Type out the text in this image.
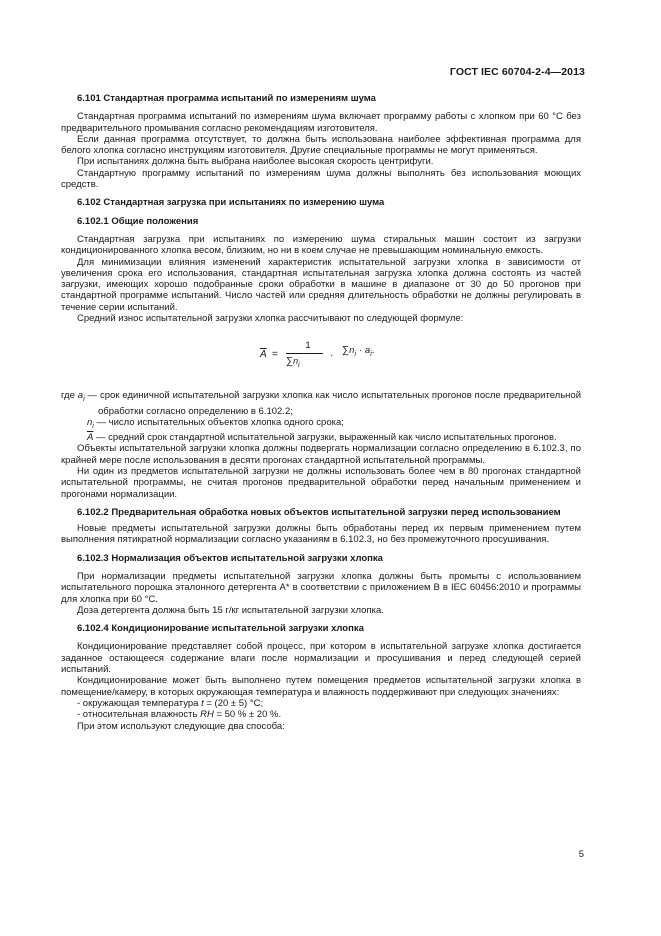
ГОСТ IEC 60704-2-4—2013
6.101 Стандартная программа испытаний по измерениям шума

Стандартная программа испытаний по измерениям шума включает программу работы с хлопком при 60 °С без предварительного промывания согласно рекомендациям изготовителя.

Если данная программа отсутствует, то должна быть использована наиболее эффективная программа для белого хлопка согласно инструкциям изготовителя. Другие специальные программы не могут применяться.

При испытаниях должна быть выбрана наиболее высокая скорость центрифуги.

Стандартную программу испытаний по измерениям шума должны выполнять без использования моющих средств.

6.102 Стандартная загрузка при испытаниях по измерению шума
6.102.1 Общие положения

Стандартная загрузка при испытаниях по измерению шума стиральных машин состоит из загрузки кондиционированного хлопка весом, близким, но ни в коем случае не превышающим номинальную емкость.

Для минимизации влияния изменений характеристик испытательной загрузки хлопка в зависимости от увеличения срока его использования, стандартная испытательная загрузка хлопка должна состоять из частей загрузки, имеющих хорошо подобранные сроки обработки в машине в диапазоне от 30 до 50 прогонов при стандартной программе испытаний. Число частей или средняя длительность обработки не должны регулировать в течение серии испытаний.

Средний износ испытательной загрузки хлопка рассчитывают по следующей формуле:

$\overline{A}$ =
1
$\sum n_i$
· $\sum n_i \cdot a_i$.
где $a_i$ — срок единичной испытательной загрузки хлопка как число испытательных прогонов после предварительной обработки согласно определению в 6.102.2;
$n_i$ — число испытательных объектов хлопка одного срока;
$\overline{A}$ — средний срок стандартной испытательной загрузки, выраженный как число испытательных прогонов.

Объекты испытательной загрузки хлопка должны подвергать нормализации согласно определению в 6.102.3, по крайней мере после использования в десяти прогонах стандартной испытательной программы.

Ни один из предметов испытательной загрузки не должны использовать более чем в 80 прогонах стандартной испытательной программы, не считая прогонов предварительной обработки перед начальным применением и прогонами нормализации.

6.102.2 Предварительная обработка новых объектов испытательной загрузки перед использованием

Новые предметы испытательной загрузки должны быть обработаны перед их первым применением путем выполнения пятикратной нормализации согласно указаниям в 6.102.3, но без промежуточного просушивания.

6.102.3 Нормализация объектов испытательной загрузки хлопка

При нормализации предметы испытательной загрузки хлопка должны быть промыты с использованием испытательного порошка эталонного детергента А* в соответствии с приложением В в IEC 60456:2010 и программы для хлопка при 60 °С.

Доза детергента должна быть 15 г/кг испытательной загрузки хлопка.

6.102.4 Кондиционирование испытательной загрузки хлопка

Кондиционирование представляет собой процесс, при котором в испытательной загрузке хлопка достигается заданное остающееся содержание влаги после нормализации и просушивания и перед следующей серией испытаний.

Кондиционирование может быть выполнено путем помещения предметов испытательной загрузки хлопка в помещение/камеру, в которых окружающая температура и влажность поддерживают при следующих значениях:

- окружающая температура t = (20 ± 5) °С;

- относительная влажность RH = 50 % ± 20 %.

При этом используют следующие два способа:

5
